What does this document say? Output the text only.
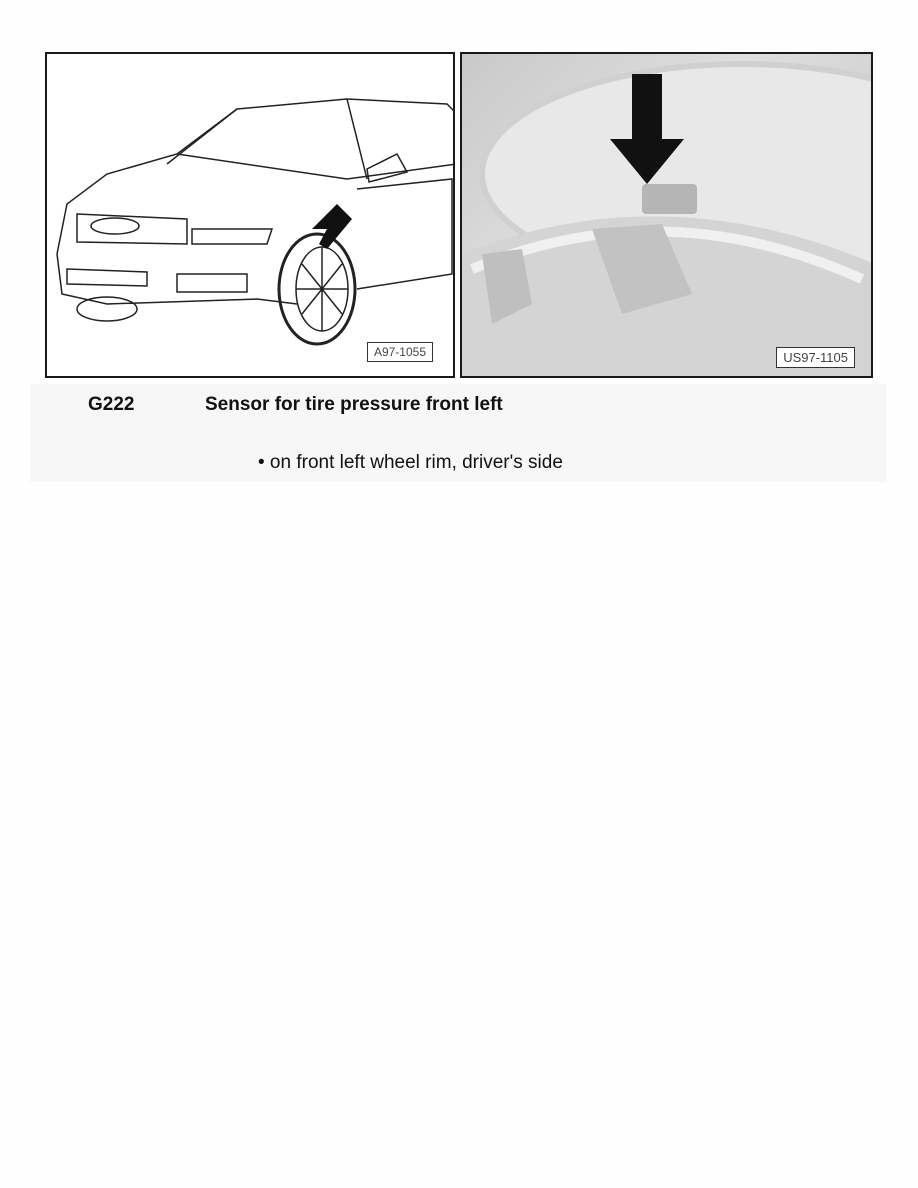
A97-1055	US97-1105
G222	Sensor for tire pressure front left
• on front left wheel rim, driver's side
